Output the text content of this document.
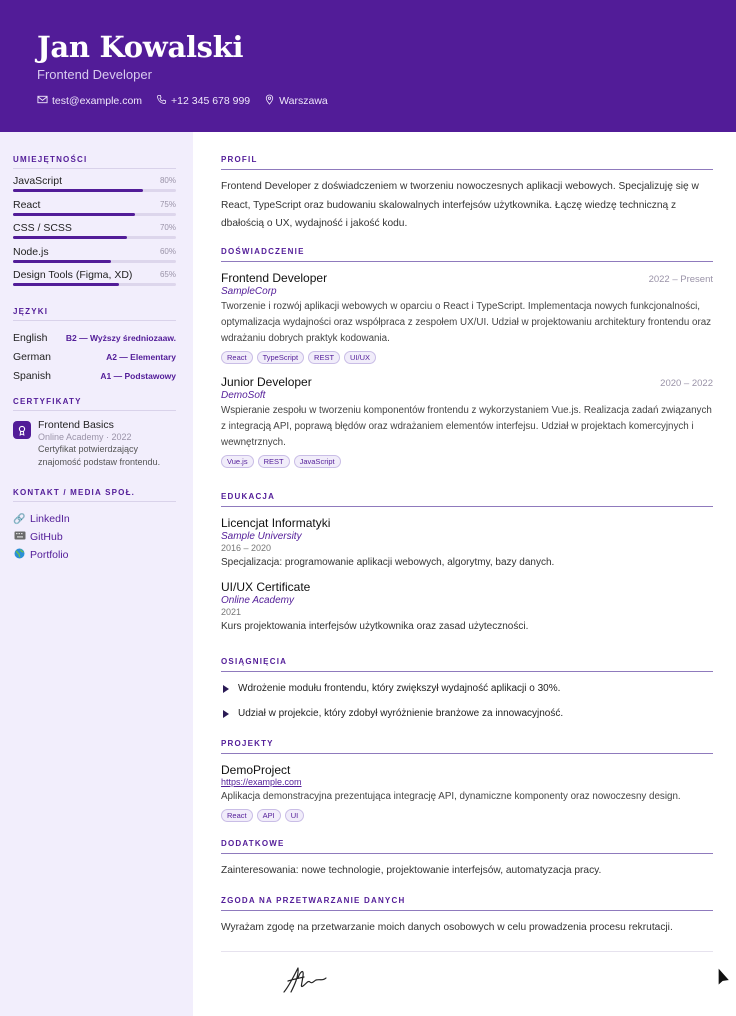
Jan Kowalski
Frontend Developer
test@example.com	+12 345 678 999	Warszawa
UMIEJĘTNOŚCI
JavaScript	80%
React	75%
CSS / SCSS	70%
Node.js	60%
Design Tools (Figma, XD)	65%
JĘZYKI
English B2 — Wyższy średniozaaw.
German	A2 — Elementary
Spanish	A1 — Podstawowy
CERTYFIKATY
Frontend Basics
Online Academy · 2022
Certyfikat potwierdzający znajomość podstaw frontendu.
KONTAKT / MEDIA SPOŁ.
🔗 LinkedIn
GitHub
Portfolio
PROFIL
Frontend Developer z doświadczeniem w tworzeniu nowoczesnych aplikacji webowych. Specjalizuję się w React, TypeScript oraz budowaniu skalowalnych interfejsów użytkownika. Łączę wiedzę techniczną z dbałością o UX, wydajność i jakość kodu.
DOŚWIADCZENIE
Frontend Developer	2022 – Present
SampleCorp
Tworzenie i rozwój aplikacji webowych w oparciu o React i TypeScript. Implementacja nowych funkcjonalności, optymalizacja wydajności oraz współpraca z zespołem UX/UI. Udział w projektowaniu architektury frontendu oraz wdrażaniu dobrych praktyk kodowania.
React	TypeScript	REST	UI/UX
Junior Developer	2020 – 2022
DemoSoft
Wspieranie zespołu w tworzeniu komponentów frontendu z wykorzystaniem Vue.js. Realizacja zadań związanych z integracją API, poprawą błędów oraz wdrażaniem elementów interfejsu. Udział w projektach komercyjnych i wewnętrznych.
Vue.js	REST	JavaScript
EDUKACJA
Licencjat Informatyki
Sample University
2016 – 2020
Specjalizacja: programowanie aplikacji webowych, algorytmy, bazy danych.
UI/UX Certificate
Online Academy
2021
Kurs projektowania interfejsów użytkownika oraz zasad użyteczności.
OSIĄGNIĘCIA
Wdrożenie modułu frontendu, który zwiększył wydajność aplikacji o 30%.
Udział w projekcie, który zdobył wyróżnienie branżowe za innowacyjność.
PROJEKTY
DemoProject
https://example.com
Aplikacja demonstracyjna prezentująca integrację API, dynamiczne komponenty oraz nowoczesny design.
React	API	UI
DODATKOWE
Zainteresowania: nowe technologie, projektowanie interfejsów, automatyzacja pracy.
ZGODA NA PRZETWARZANIE DANYCH
Wyrażam zgodę na przetwarzanie moich danych osobowych w celu prowadzenia procesu rekrutacji.
